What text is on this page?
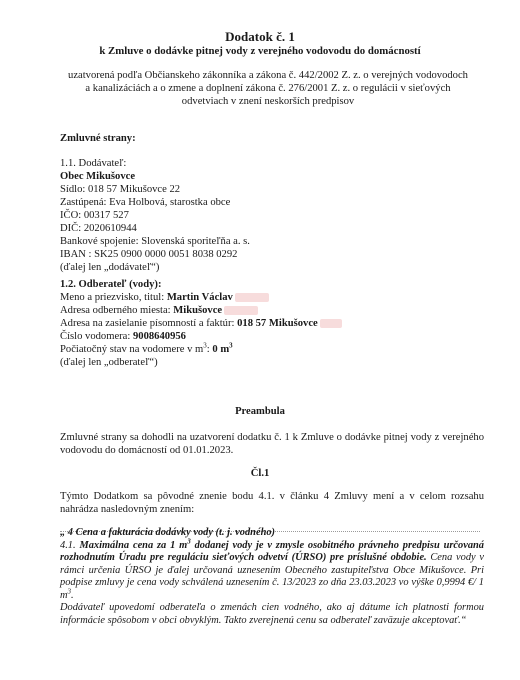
Dodatok č. 1
k Zmluve o dodávke pitnej vody z verejného vodovodu do domácností
uzatvorená podľa Občianskeho zákonníka a zákona č. 442/2002 Z. z. o verejných vodovodoch
a kanalizáciách a o zmene a doplnení zákona č. 276/2001 Z. z. o regulácii v sieťových
odvetviach v znení neskorších predpisov
Zmluvné strany:
1.1. Dodávateľ:
Obec Mikušovce
Sídlo: 018 57 Mikušovce 22
Zastúpená: Eva Holbová, starostka obce
IČO: 00317 527
DIČ: 2020610944
Bankové spojenie: Slovenská sporiteľňa a. s.
IBAN : SK25 0900 0000 0051 8038 0292
(ďalej len „dodávateľ“)
1.2. Odberateľ (vody):
Meno a priezvisko, titul: Martin Václav
Adresa odberného miesta: Mikušovce
Adresa na zasielanie písomností a faktúr: 018 57 Mikušovce
Číslo vodomera: 9008640956
Počiatočný stav na vodomere v $m^3$: 0 $m^3$
(ďalej len „odberateľ“)
Preambula
Zmluvné strany sa dohodli na uzatvorení dodatku č. 1 k Zmluve o dodávke pitnej vody z verejného vodovodu do domácností od 01.01.2023.
Čl.1
Týmto Dodatkom sa pôvodné znenie bodu 4.1. v článku 4 Zmluvy mení a v celom rozsahu nahrádza nasledovným znením:

„ 4 Cena a fakturácia dodávky vody (t. j. vodného)

4.1. Maximálna cena za 1 $m^3$ dodanej vody je v zmysle osobitného právneho predpisu určovaná rozhodnutím Úradu pre reguláciu sieťových odvetví (ÚRSO) pre príslušné obdobie. Cena vody v rámci určenia ÚRSO je ďalej určovaná uznesením Obecného zastupiteľstva Obce Mikušovce. Pri podpise zmluvy je cena vody schválená uznesením č. 13/2023 zo dňa 23.03.2023 vo výške 0,9994 €/ 1 $m^3$.

Dodávateľ upovedomí odberateľa o zmenách cien vodného, ako aj dátume ich platnosti formou informácie spôsobom v obci obvyklým. Takto zverejnenú cenu sa odberateľ zaväzuje akceptovať.“
